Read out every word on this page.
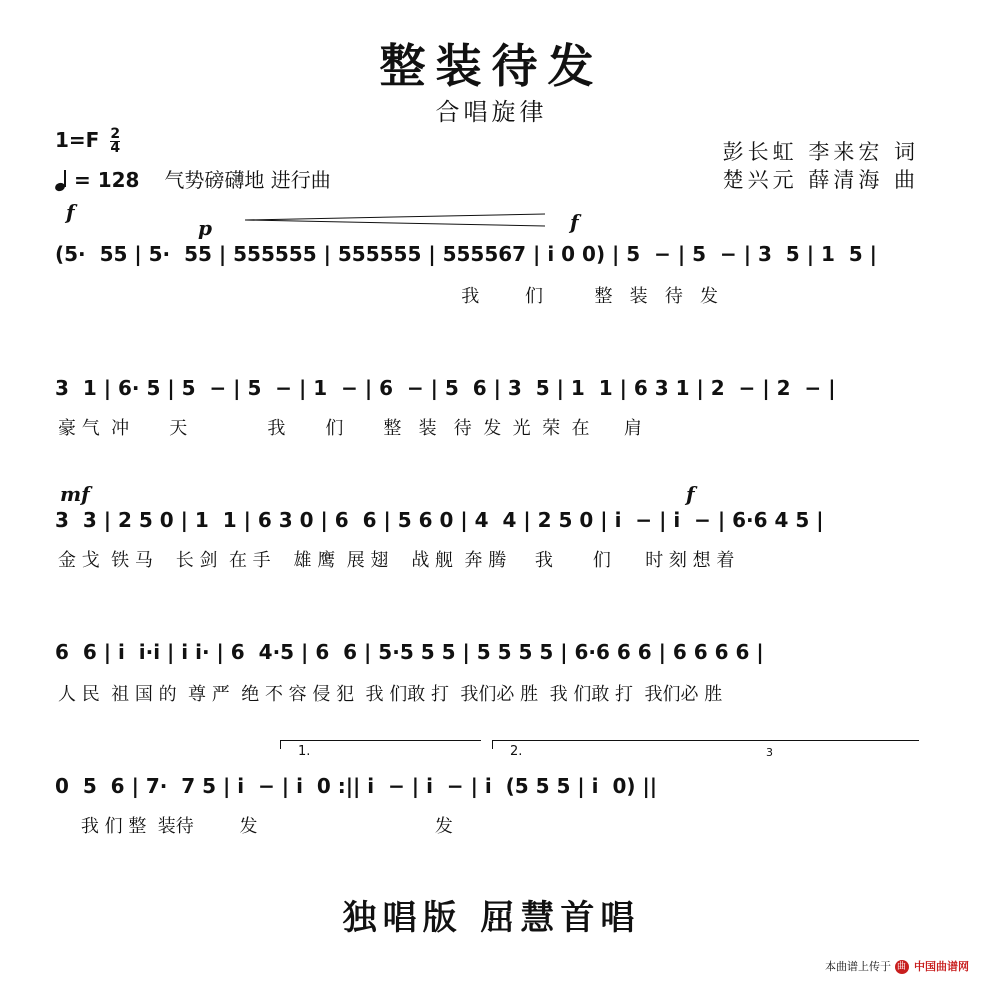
整装待发
合唱旋律
$1=F \frac{2}{4}$
= 128 气势磅礴地 进行曲
彭长虹 李来宏 词
楚兴元 薛清海 曲
f
p	f
(5·  55 | 5·  55 | 555555 | 555555 | 555567 | i 0 0) | 5  − | 5  − | 3  5 | 1  5 |
我        们         整   装   待   发
3  1 | 6· 5 | 5  − | 5  − | 1  − | 6  − | 5  6 | 3  5 | 1  1 | 6 3 1 | 2  − | 2  − |
豪 气  冲       天              我       们       整   装   待  发  光  荣  在      肩
mf	f
3  3 | 2 5 0 | 1  1 | 6 3 0 | 6  6 | 5 6 0 | 4  4 | 2 5 0 | i  − | i  − | 6·6 4 5 |
金 戈  铁 马    长 剑  在 手    雄 鹰  展 翅    战 舰  奔 腾     我       们      时 刻 想 着
6  6 | i  i·i | i i· | 6  4·5 | 6  6 | 5·5 5 5 | 5 5 5 5 | 6·6 6 6 | 6 6 6 6 |
人 民  祖 国 的  尊 严  绝 不 容 侵 犯  我 们敢 打  我们必 胜  我 们敢 打  我们必 胜
1.	2.	3
0  5  6 | 7·  7 5 | i  − | i  0 :|| i  − | i  − | i  (5 5 5 | i  0) ||
我 们 整  装待        发                               发
独唱版 屈慧首唱
本曲谱上传于 曲 中国曲谱网
